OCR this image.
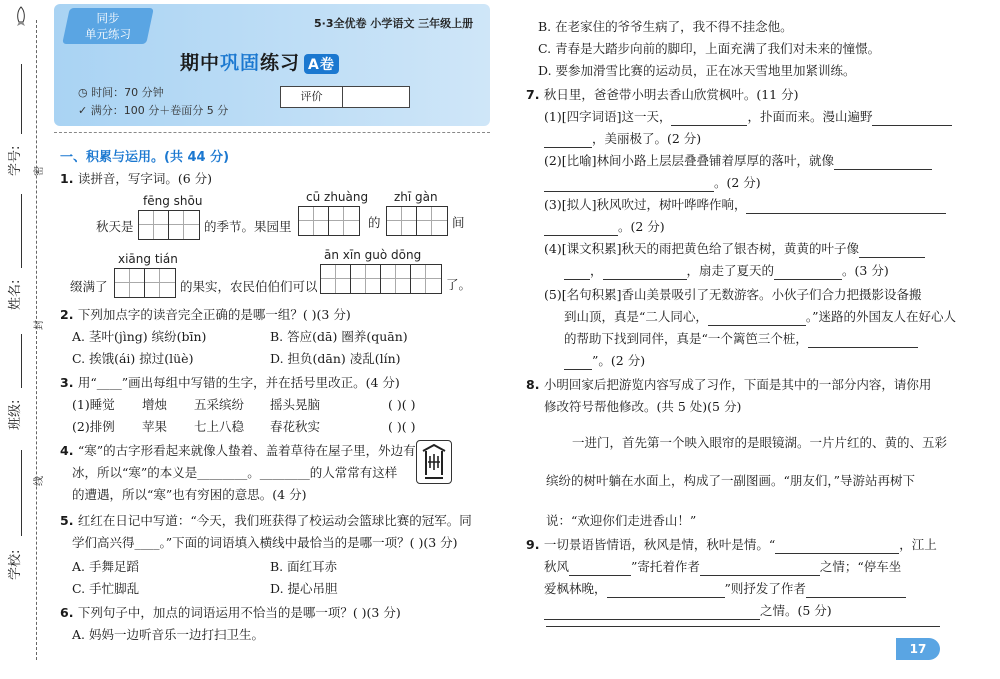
密
封
线
学号:
姓名:
班级:
学校:
同步
单元练习
5·3全优卷 小学语文 三年级上册
期中巩固练习 A卷
◷ 时间：70 分钟
✓ 满分：100 分＋卷面分 5 分
评价
一、积累与运用。(共 44 分)
1. 读拼音，写字词。(6 分)
fēng shōu	cū zhuàng zhī gàn
秋天是	的季节。果园里	的	间
xiāng tián	ān xīn guò dōng
缀满了	的果实，农民伯伯们可以	了。
2. 下列加点字的读音完全正确的是哪一组？( )(3 分)
A. 茎叶(jìng) 缤纷(bīn)	B. 答应(dā) 圈养(quān)
C. 挨饿(ái) 掠过(lüè)	D. 担负(dān) 凌乱(lín)
3. 用“____”画出每组中写错的生字，并在括号里改正。(4 分)
(1)睡觉 增烛 五采缤纷 摇头晃脑	( )( )
(2)排例 苹果 七上八稳 春花秋实	( )( )
4. “寒”的古字形看起来就像人蛰着、盖着草待在屋子里，外边有
冰，所以“寒”的本义是________。________的人常常有这样
的遭遇，所以“寒”也有穷困的意思。(4 分)
5. 红红在日记中写道：“今天，我们班获得了校运动会篮球比赛的冠军。同
学们高兴得____。”下面的词语填入横线中最恰当的是哪一项？( )(3 分)
A. 手舞足蹈	B. 面红耳赤
C. 手忙脚乱	D. 提心吊胆
6. 下列句子中，加点的词语运用不恰当的是哪一项？( )(3 分)
A. 妈妈一边听音乐一边打扫卫生。
B. 在老家住的爷爷生病了，我不得不挂念他。
C. 青春是大踏步向前的脚印，上面充满了我们对未来的憧憬。
D. 要参加滑雪比赛的运动员，正在冰天雪地里加紧训练。
7. 秋日里，爸爸带小明去香山欣赏枫叶。(11 分)
(1)[四字词语]这一天，	，扑面而来。漫山遍野
，美丽极了。(2 分)
(2)[比喻]林间小路上层层叠叠铺着厚厚的落叶，就像
。(2 分)
(3)[拟人]秋风吹过，树叶哗哗作响，
。(2 分)
(4)[课文积累]秋天的雨把黄色给了银杏树，黄黄的叶子像
，	，扇走了夏天的	。(3 分)
(5)[名句积累]香山美景吸引了无数游客。小伙子们合力把摄影设备搬
到山顶，真是“二人同心，	。”迷路的外国友人在好心人
的帮助下找到同伴，真是“一个篱笆三个桩，
”。(2 分)
8. 小明回家后把游览内容写成了习作，下面是其中的一部分内容，请你用
修改符号帮他修改。(共 5 处)(5 分)
一进门，首先第一个映入眼帘的是眼镜湖。一片片红的、黄的、五彩
缤纷的树叶躺在水面上，构成了一副图画。“朋友们，”导游站再树下
说：“欢迎你们走进香山！”
9. 一切景语皆情语，秋风是情，秋叶是情。“	，江上
秋风	”寄托着作者	之情；“停车坐
爱枫林晚，	”则抒发了作者
之情。(5 分)
17
